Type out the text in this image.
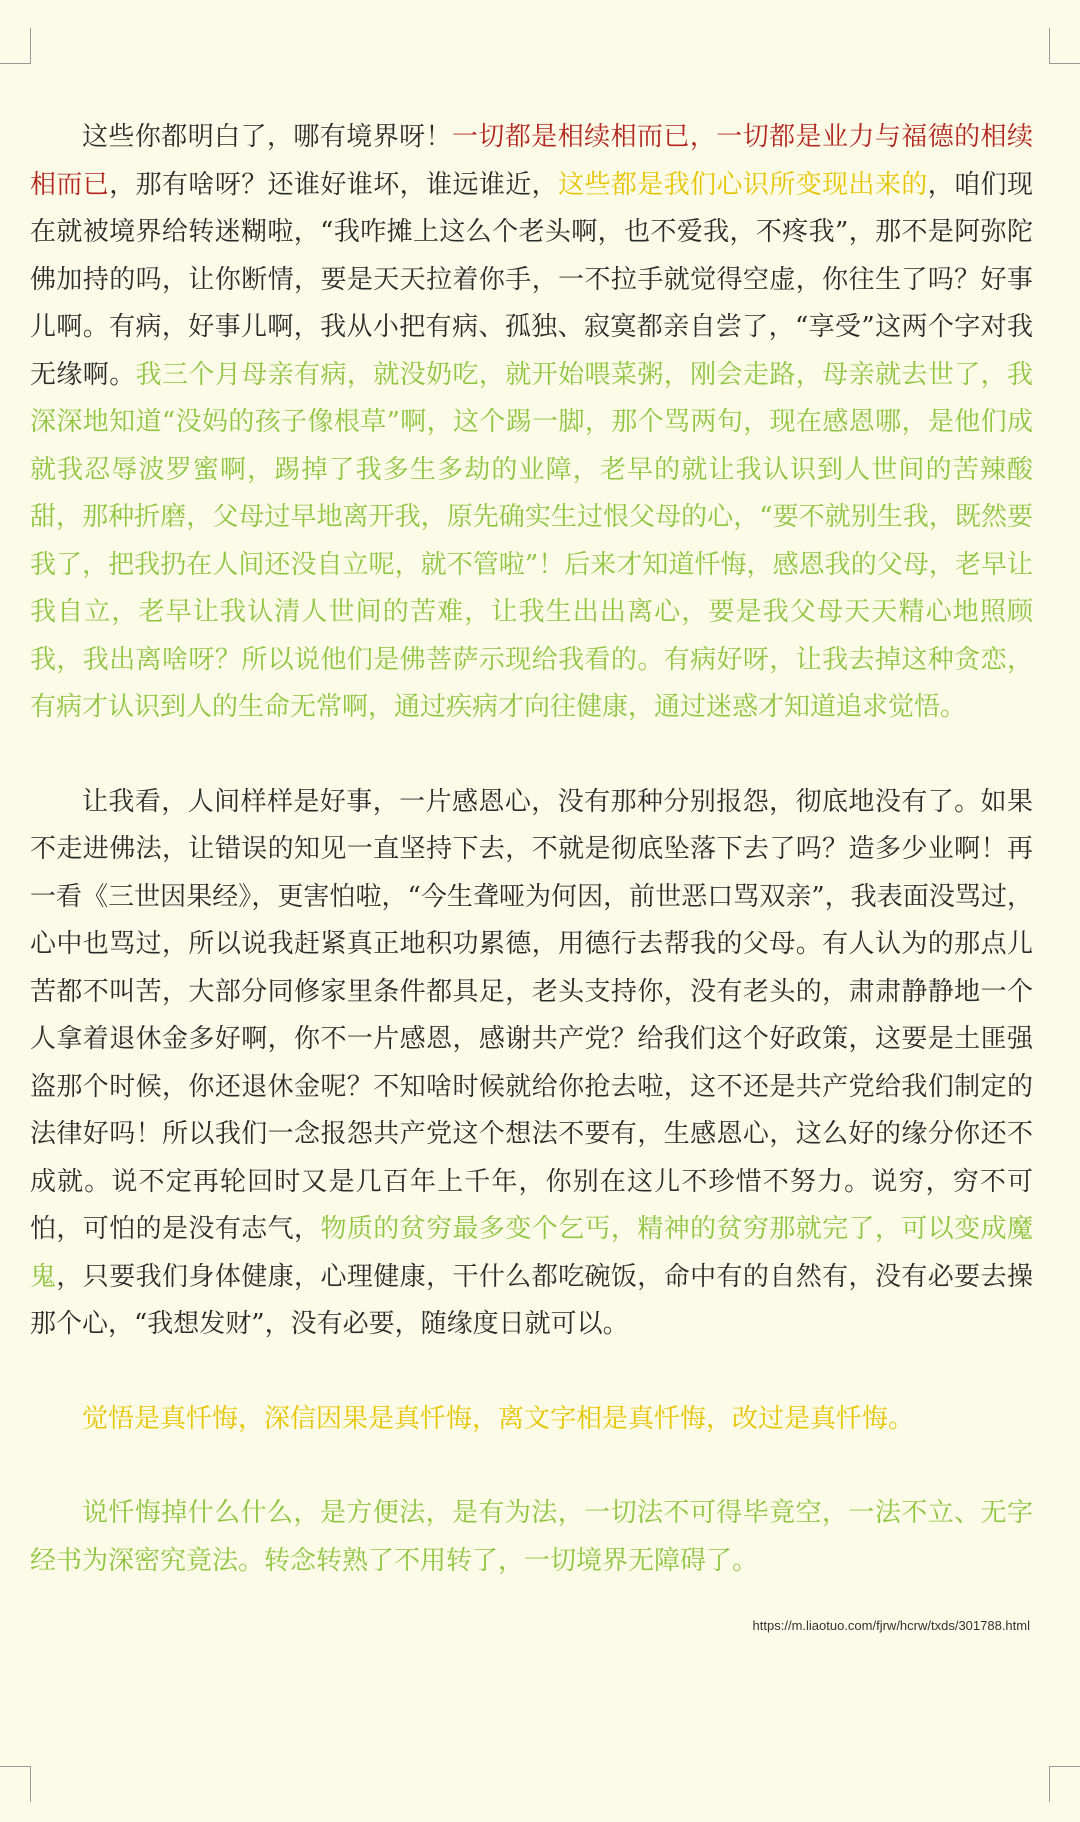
这些你都明白了，哪有境界呀！一切都是相续相而已，一切都是业力与福德的相续相而已，那有啥呀？还谁好谁坏，谁远谁近，这些都是我们心识所变现出来的，咱们现在就被境界给转迷糊啦，“我咋摊上这么个老头啊，也不爱我，不疼我”，那不是阿弥陀佛加持的吗，让你断情，要是天天拉着你手，一不拉手就觉得空虚，你往生了吗？好事儿啊。有病，好事儿啊，我从小把有病、孤独、寂寞都亲自尝了，“享受”这两个字对我无缘啊。我三个月母亲有病，就没奶吃，就开始喂菜粥，刚会走路，母亲就去世了，我深深地知道“没妈的孩子像根草”啊，这个踢一脚，那个骂两句，现在感恩哪，是他们成就我忍辱波罗蜜啊，踢掉了我多生多劫的业障，老早的就让我认识到人世间的苦辣酸甜，那种折磨，父母过早地离开我，原先确实生过恨父母的心，“要不就别生我，既然要我了，把我扔在人间还没自立呢，就不管啦”！后来才知道忏悔，感恩我的父母，老早让我自立，老早让我认清人世间的苦难，让我生出出离心，要是我父母天天精心地照顾我，我出离啥呀？所以说他们是佛菩萨示现给我看的。有病好呀，让我去掉这种贪恋，有病才认识到人的生命无常啊，通过疾病才向往健康，通过迷惑才知道追求觉悟。

让我看，人间样样是好事，一片感恩心，没有那种分别报怨，彻底地没有了。如果不走进佛法，让错误的知见一直坚持下去，不就是彻底坠落下去了吗？造多少业啊！再一看《三世因果经》，更害怕啦，“今生聋哑为何因，前世恶口骂双亲”，我表面没骂过，心中也骂过，所以说我赶紧真正地积功累德，用德行去帮我的父母。有人认为的那点儿苦都不叫苦，大部分同修家里条件都具足，老头支持你，没有老头的，肃肃静静地一个人拿着退休金多好啊，你不一片感恩，感谢共产党？给我们这个好政策，这要是土匪强盗那个时候，你还退休金呢？不知啥时候就给你抢去啦，这不还是共产党给我们制定的法律好吗！所以我们一念报怨共产党这个想法不要有，生感恩心，这么好的缘分你还不成就。说不定再轮回时又是几百年上千年，你别在这儿不珍惜不努力。说穷，穷不可怕，可怕的是没有志气，物质的贫穷最多变个乞丐，精神的贫穷那就完了，可以变成魔鬼，只要我们身体健康，心理健康，干什么都吃碗饭，命中有的自然有，没有必要去操那个心，“我想发财”，没有必要，随缘度日就可以。

觉悟是真忏悔，深信因果是真忏悔，离文字相是真忏悔，改过是真忏悔。

说忏悔掉什么什么，是方便法，是有为法，一切法不可得毕竟空，一法不立、无字经书为深密究竟法。转念转熟了不用转了，一切境界无障碍了。

https://m.liaotuo.com/fjrw/hcrw/txds/301788.html
